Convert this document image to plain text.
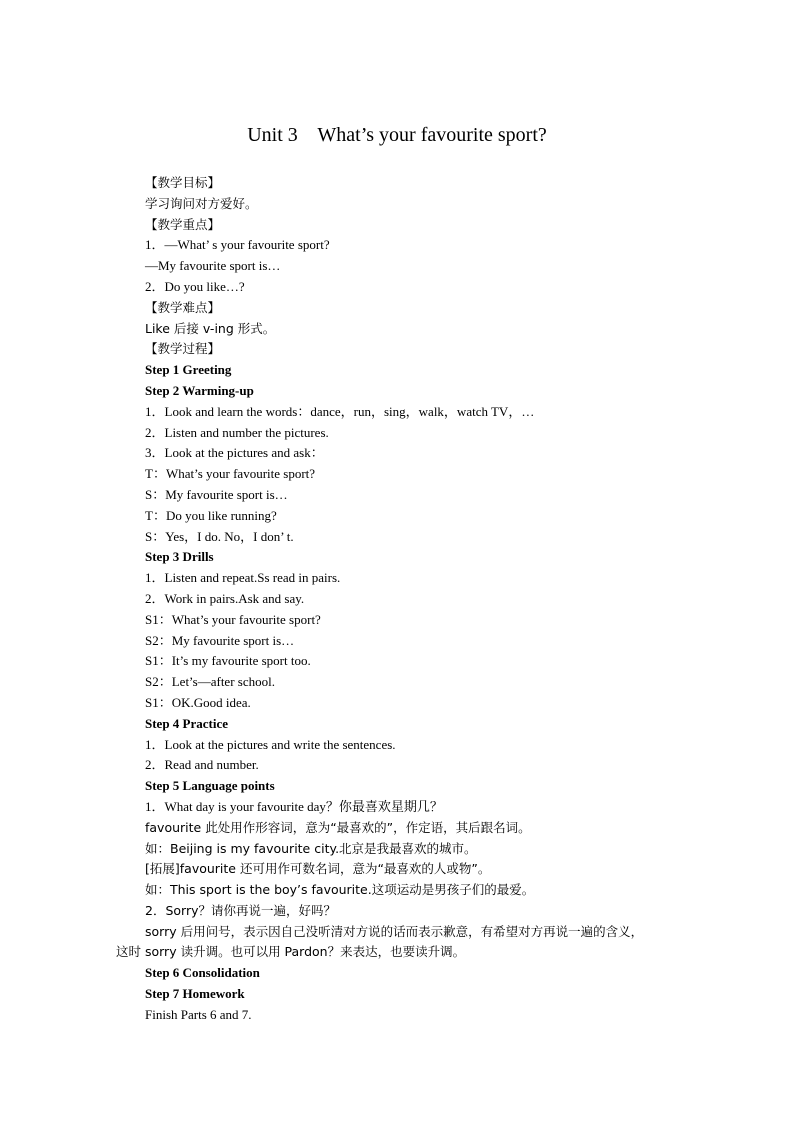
Unit 3    What’s your favourite sport?
【教学目标】
学习询问对方爱好。
【教学重点】
1．—What’ s your favourite sport?
—My favourite sport is…
2．Do you like…?
【教学难点】
Like 后接 v-ing 形式。
【教学过程】
Step 1 Greeting
Step 2 Warming-up
1．Look and learn the words：dance，run，sing，walk，watch TV，…
2．Listen and number the pictures.
3．Look at the pictures and ask：
T：What’s your favourite sport?
S：My favourite sport is…
T：Do you like running?
S：Yes，I do. No，I don’ t.
Step 3 Drills
1．Listen and repeat.Ss read in pairs.
2．Work in pairs.Ask and say.
S1：What’s your favourite sport?
S2：My favourite sport is…
S1：It’s my favourite sport too.
S2：Let’s—after school.
S1：OK.Good idea.
Step 4 Practice
1．Look at the pictures and write the sentences.
2．Read and number.
Step 5 Language points
1．What day is your favourite day？你最喜欢星期几？
favourite 此处用作形容词，意为“最喜欢的”，作定语，其后跟名词。
如：Beijing is my favourite city.北京是我最喜欢的城市。
[拓展]favourite 还可用作可数名词，意为“最喜欢的人或物”。
如：This sport is the boy’s favourite.这项运动是男孩子们的最爱。
2．Sorry？请你再说一遍，好吗？
sorry 后用问号，表示因自己没听清对方说的话而表示歉意，有希望对方再说一遍的含义，
这时 sorry 读升调。也可以用 Pardon？来表达，也要读升调。
Step 6 Consolidation
Step 7 Homework
Finish Parts 6 and 7.
